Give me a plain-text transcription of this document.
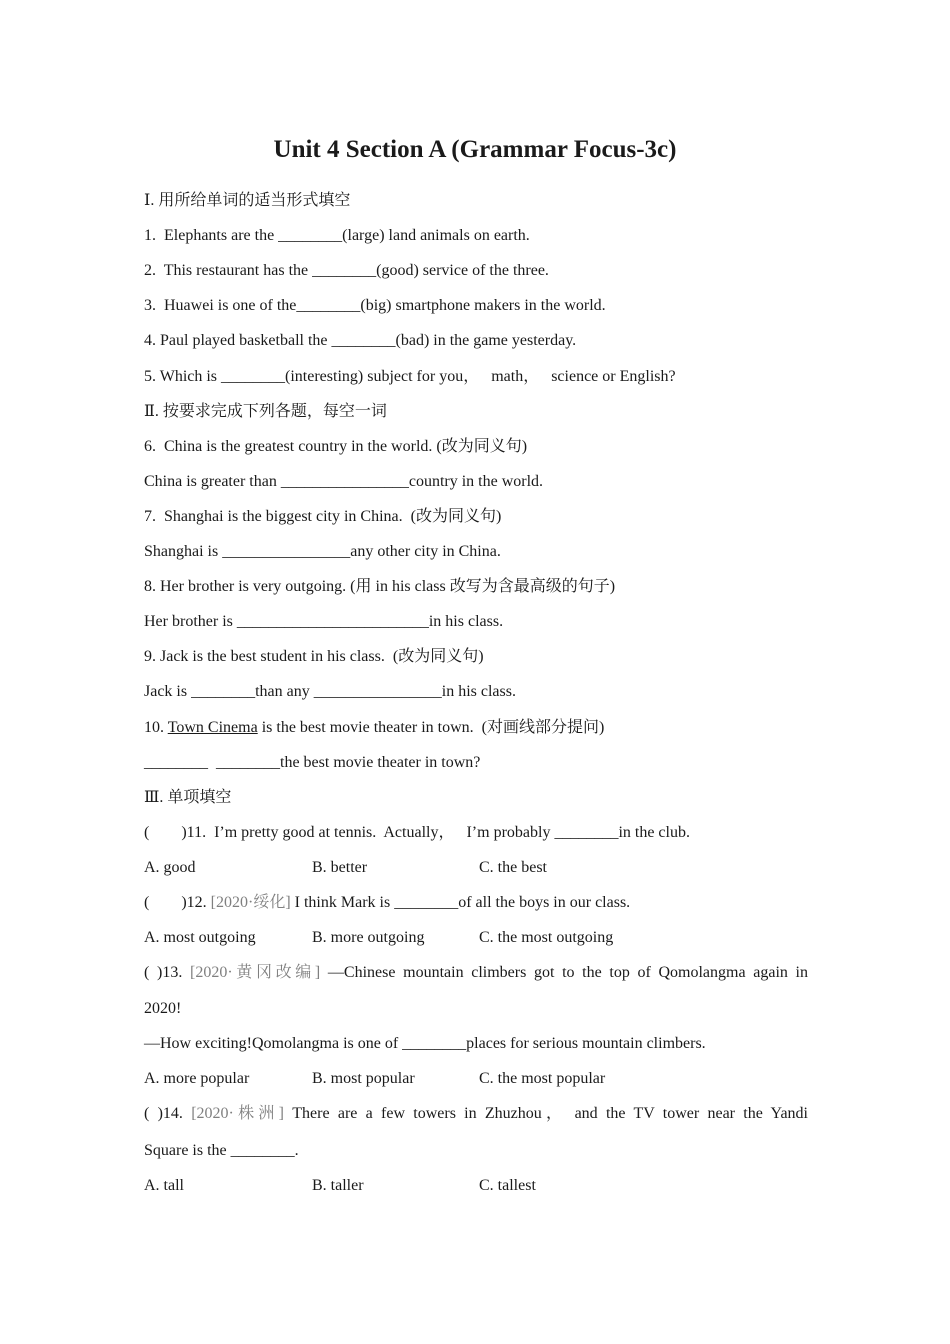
Unit 4 Section A (Grammar Focus-3c)
Ⅰ. 用所给单词的适当形式填空
1.  Elephants are the ________(large) land animals on earth.
2.  This restaurant has the ________(good) service of the three.
3.  Huawei is one of the________(big) smartphone makers in the world.
4. Paul played basketball the ________(bad) in the game yesterday.
5. Which is ________(interesting) subject for you，   math，   science or English?
Ⅱ. 按要求完成下列各题，每空一词
6.  China is the greatest country in the world. (改为同义句)
China is greater than ________________country in the world.
7.  Shanghai is the biggest city in China.  (改为同义句)
Shanghai is ________________any other city in China.
8. Her brother is very outgoing. (用 in his class 改写为含最高级的句子)
Her brother is ________________________in his class.
9. Jack is the best student in his class.  (改为同义句)
Jack is ________than any ________________in his class.
10. Town Cinema is the best movie theater in town.  (对画线部分提问)
________  ________the best movie theater in town?
Ⅲ. 单项填空
(        )11.  I’m pretty good at tennis.  Actually，   I’m probably ________in the club.
A. good	B. better	C. the best
(        )12. [2020·绥化] I think Mark is ________of all the boys in our class.
A. most outgoing	B. more outgoing	C. the most outgoing
( )13. [2020·黄冈改编] —Chinese mountain climbers got to the top of Qomolangma again in
2020!
—How exciting!Qomolangma is one of ________places for serious mountain climbers.
A. more popular	B. most popular	C. the most popular
( )14. [2020·株洲] There are a few towers in Zhuzhou， and the TV tower near the Yandi
Square is the ________.
A. tall	B. taller	C. tallest
